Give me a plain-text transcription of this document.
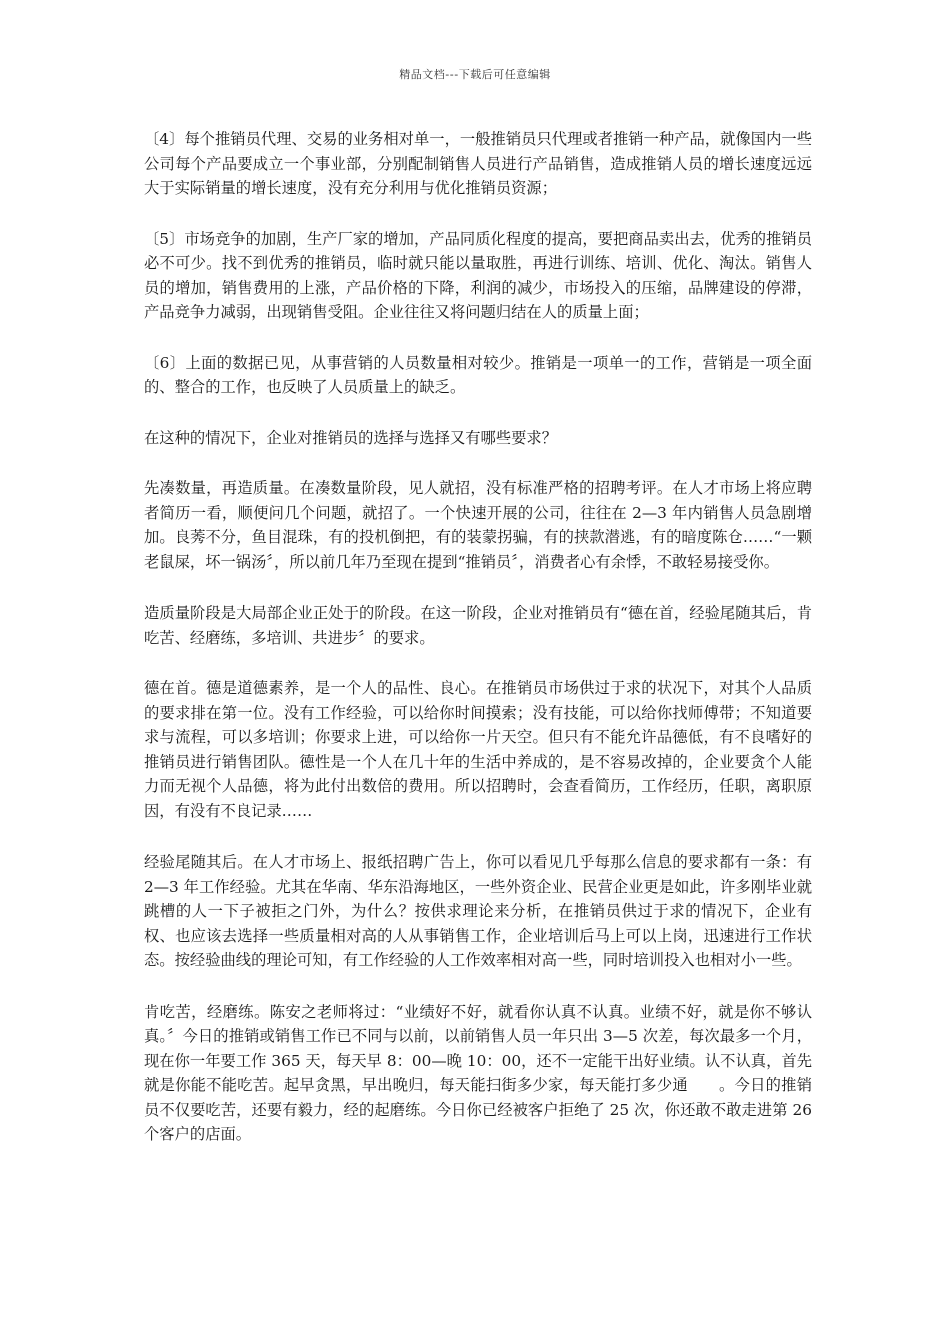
精品文档---下载后可任意编辑

〔4〕每个推销员代理、交易的业务相对单一，一般推销员只代理或者推销一种产品，就像国内一些公司每个产品要成立一个事业部，分别配制销售人员进行产品销售，造成推销人员的增长速度远远大于实际销量的增长速度，没有充分利用与优化推销员资源；

〔5〕市场竞争的加剧，生产厂家的增加，产品同质化程度的提高，要把商品卖出去，优秀的推销员必不可少。找不到优秀的推销员，临时就只能以量取胜，再进行训练、培训、优化、淘汰。销售人员的增加，销售费用的上涨，产品价格的下降，利润的减少，市场投入的压缩，品牌建设的停滞，产品竞争力减弱，出现销售受阻。企业往往又将问题归结在人的质量上面；

〔6〕上面的数据已见，从事营销的人员数量相对较少。推销是一项单一的工作，营销是一项全面的、整合的工作，也反映了人员质量上的缺乏。

在这种的情况下，企业对推销员的选择与选择又有哪些要求？

先凑数量，再造质量。在凑数量阶段，见人就招，没有标准严格的招聘考评。在人才市场上将应聘者简历一看，顺便问几个问题，就招了。一个快速开展的公司，往往在 2—3 年内销售人员急剧增加。良莠不分，鱼目混珠，有的投机倒把，有的装蒙拐骗，有的挟款潜逃，有的暗度陈仓……“一颗老鼠屎，坏一锅汤〞，所以前几年乃至现在提到“推销员〞，消费者心有余悸，不敢轻易接受你。

造质量阶段是大局部企业正处于的阶段。在这一阶段，企业对推销员有“德在首，经验尾随其后，肯吃苦、经磨练，多培训、共进步〞的要求。

德在首。德是道德素养，是一个人的品性、良心。在推销员市场供过于求的状况下，对其个人品质的要求排在第一位。没有工作经验，可以给你时间摸索；没有技能，可以给你找师傅带；不知道要求与流程，可以多培训；你要求上进，可以给你一片天空。但只有不能允许品德低，有不良嗜好的推销员进行销售团队。德性是一个人在几十年的生活中养成的，是不容易改掉的，企业要贪个人能力而无视个人品德，将为此付出数倍的费用。所以招聘时，会查看简历，工作经历，任职，离职原因，有没有不良记录……

经验尾随其后。在人才市场上、报纸招聘广告上，你可以看见几乎每那么信息的要求都有一条：有 2—3 年工作经验。尤其在华南、华东沿海地区，一些外资企业、民营企业更是如此，许多刚毕业就跳槽的人一下子被拒之门外，为什么？按供求理论来分析，在推销员供过于求的情况下，企业有权、也应该去选择一些质量相对高的人从事销售工作，企业培训后马上可以上岗，迅速进行工作状态。按经验曲线的理论可知，有工作经验的人工作效率相对高一些，同时培训投入也相对小一些。

肯吃苦，经磨练。陈安之老师将过：“业绩好不好，就看你认真不认真。业绩不好，就是你不够认真。〞今日的推销或销售工作已不同与以前，以前销售人员一年只出 3—5 次差，每次最多一个月，现在你一年要工作 365 天，每天早 8：00—晚 10：00，还不一定能干出好业绩。认不认真，首先就是你能不能吃苦。起早贪黑，早出晚归，每天能扫街多少家，每天能打多少通　　。今日的推销员不仅要吃苦，还要有毅力，经的起磨练。今日你已经被客户拒绝了 25 次，你还敢不敢走进第 26 个客户的店面。
